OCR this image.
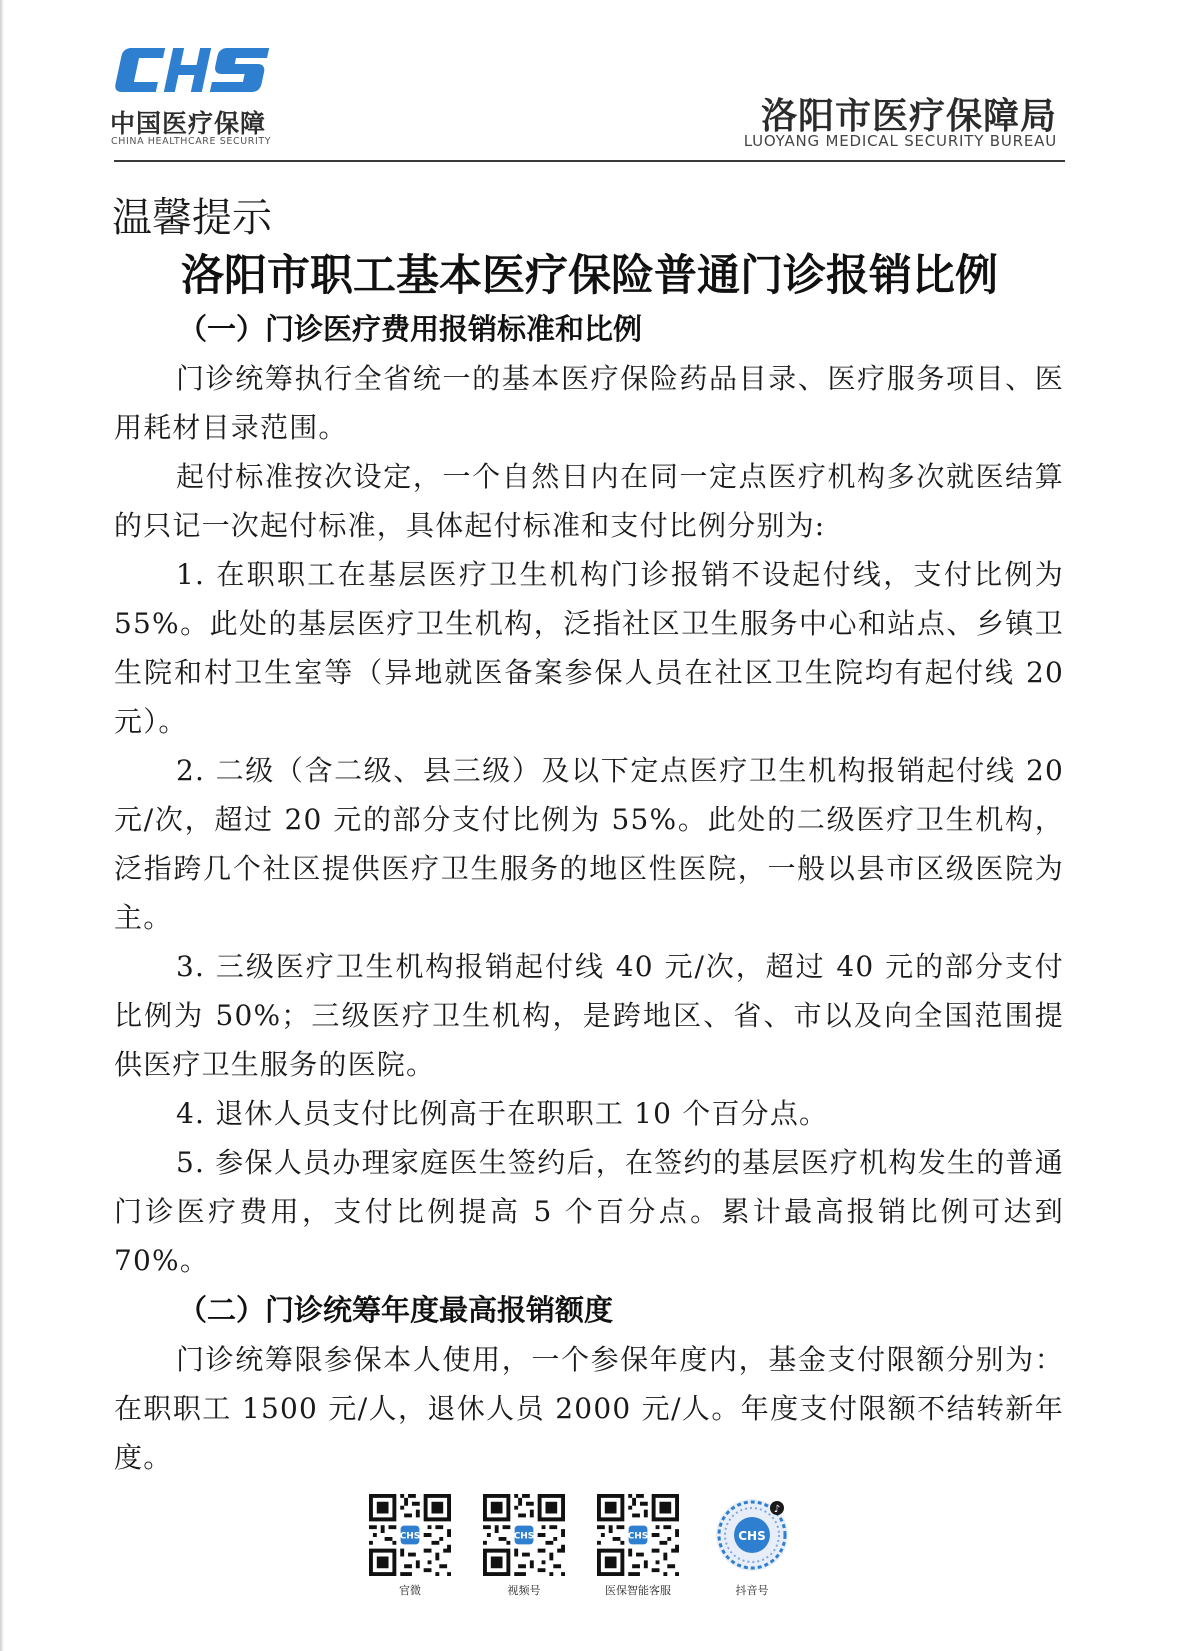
中国医疗保障
CHINA HEALTHCARE SECURITY
洛阳市医疗保障局
LUOYANG MEDICAL SECURITY BUREAU
温馨提示
洛阳市职工基本医疗保险普通门诊报销比例
（一）门诊医疗费用报销标准和比例

门诊统筹执行全省统一的基本医疗保险药品目录、医疗服务项目、医用耗材目录范围。

起付标准按次设定，一个自然日内在同一定点医疗机构多次就医结算的只记一次起付标准，具体起付标准和支付比例分别为:

1. 在职职工在基层医疗卫生机构门诊报销不设起付线，支付比例为 55%。此处的基层医疗卫生机构，泛指社区卫生服务中心和站点、乡镇卫生院和村卫生室等（异地就医备案参保人员在社区卫生院均有起付线 20 元）。

2. 二级（含二级、县三级）及以下定点医疗卫生机构报销起付线 20 元/次，超过 20 元的部分支付比例为 55%。此处的二级医疗卫生机构，泛指跨几个社区提供医疗卫生服务的地区性医院，一般以县市区级医院为主。

3. 三级医疗卫生机构报销起付线 40 元/次，超过 40 元的部分支付比例为 50%；三级医疗卫生机构，是跨地区、省、市以及向全国范围提供医疗卫生服务的医院。

4. 退休人员支付比例高于在职职工 10 个百分点。

5. 参保人员办理家庭医生签约后，在签约的基层医疗机构发生的普通门诊医疗费用，支付比例提高 5 个百分点。累计最高报销比例可达到 70%。

（二）门诊统筹年度最高报销额度

门诊统筹限参保本人使用，一个参保年度内，基金支付限额分别为：在职职工 1500 元/人，退休人员 2000 元/人。年度支付限额不结转新年度。

官微	视频号	医保智能客服
CHS
♪
抖音号
